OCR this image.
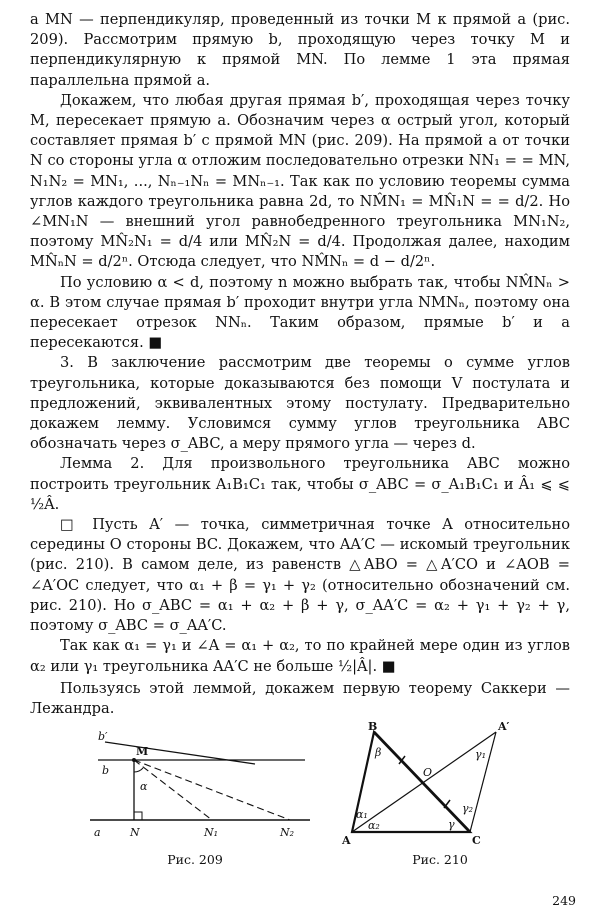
а MN — перпендикуляр, проведенный из точки M к прямой a (рис. 209). Рассмотрим прямую b, проходящую через точку M и перпендикулярную к прямой MN. По лемме 1 эта прямая параллельна прямой a.

Докажем, что любая другая прямая b′, проходящая через точку M, пересекает прямую a. Обозначим через α острый угол, который составляет прямая b′ с прямой MN (рис. 209). На прямой a от точки N со стороны угла α отложим последовательно отрезки NN₁ = = MN, N₁N₂ = MN₁, ..., Nₙ₋₁Nₙ = MNₙ₋₁. Так как по условию теоремы сумма углов каждого треугольника равна 2d, то NM̂N₁ = MN̂₁N = = d/2. Но ∠MN₁N — внешний угол равнобедренного треугольника MN₁N₂, поэтому MN̂₂N₁ = d/4 или MN̂₂N = d/4. Продолжая далее, находим MN̂ₙN = d/2ⁿ. Отсюда следует, что NM̂Nₙ = d − d/2ⁿ.

По условию α < d, поэтому n можно выбрать так, чтобы NM̂Nₙ > α. В этом случае прямая b′ проходит внутри угла NMNₙ, поэтому она пересекает отрезок NNₙ. Таким образом, прямые b′ и a пересекаются. ■

3. В заключение рассмотрим две теоремы о сумме углов треугольника, которые доказываются без помощи V постулата и предложений, эквивалентных этому постулату. Предварительно докажем лемму. Условимся сумму углов треугольника ABC обозначать через σ_ABC, а меру прямого угла — через d.

Лемма 2. Для произвольного треугольника ABC можно построить треугольник A₁B₁C₁ так, чтобы σ_ABC = σ_A₁B₁C₁ и Â₁ ⩽ ⩽ ½Â.

□ Пусть A′ — точка, симметричная точке A относительно середины O стороны BC. Докажем, что AA′C — искомый треугольник (рис. 210). В самом деле, из равенств △ABO = △A′CO и ∠AOB = ∠A′OC следует, что α₁ + β = γ₁ + γ₂ (относительно обозначений см. рис. 210). Но σ_ABC = α₁ + α₂ + β + γ, σ_AA′C = α₂ + γ₁ + γ₂ + γ, поэтому σ_ABC = σ_AA′C.

Так как α₁ = γ₁ и ∠A = α₁ + α₂, то по крайней мере один из углов α₂ или γ₁ треугольника AA′C не больше ½|Â|. ■

Пользуясь этой леммой, докажем первую теорему Саккери — Лежандра.

b′
b
M
α
a	N	N₁	N₂
Рис. 209
B	A′
β
O
γ₁
α₁	γ₂
α₂	γ
A	C
Рис. 210
249
